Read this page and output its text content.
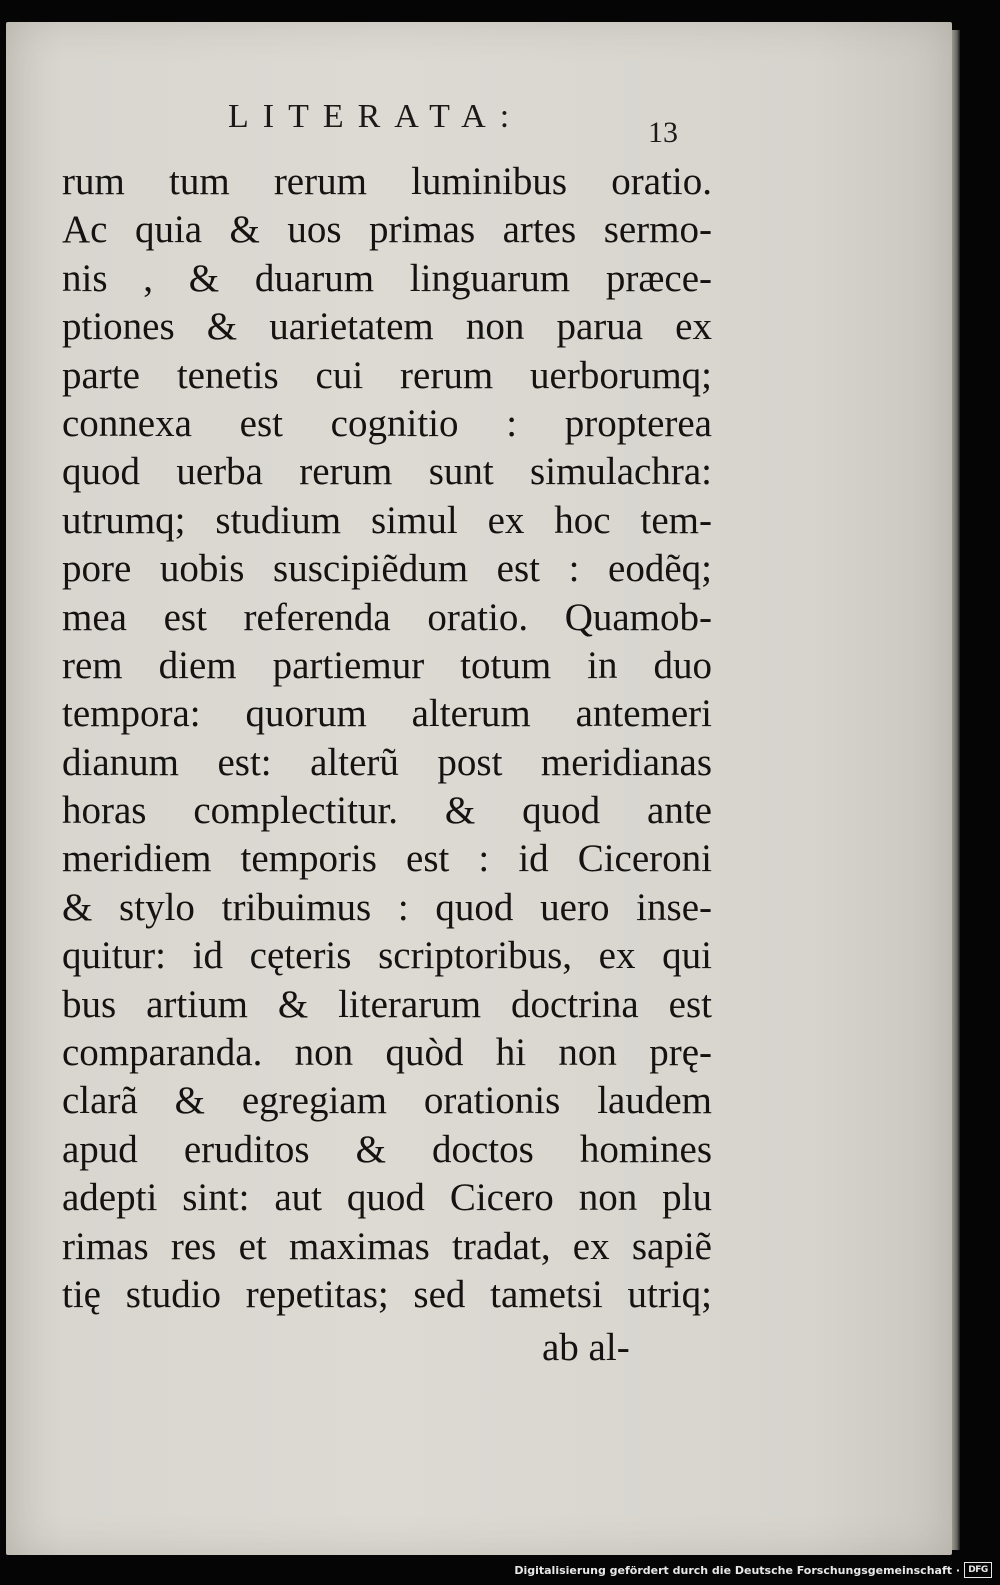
LITERATA:	13
rum tum rerum luminibus oratio.
Ac quia & uos primas artes sermo-
nis , & duarum linguarum præce-
ptiones & uarietatem non parua ex
parte tenetis cui rerum uerborumq;
connexa est cognitio : propterea
quod uerba rerum sunt simulachra:
utrumq; studium simul ex hoc tem-
pore uobis suscipiẽdum est : eodẽq;
mea est referenda oratio. Quamob-
rem diem partiemur totum in duo
tempora: quorum alterum antemeri
dianum est: alterũ post meridianas
horas complectitur. & quod ante
meridiem temporis est : id Ciceroni
& stylo tribuimus : quod uero inse-
quitur: id cęteris scriptoribus, ex qui
bus artium & literarum doctrina est
comparanda. non quòd hi non prę-
clarã & egregiam orationis laudem
apud eruditos & doctos homines
adepti sint: aut quod Cicero non plu
rimas res et maximas tradat, ex sapiẽ
tię studio repetitas; sed tametsi utriq;
ab al-
Digitalisierung gefördert durch die Deutsche Forschungsgemeinschaft · DFG
